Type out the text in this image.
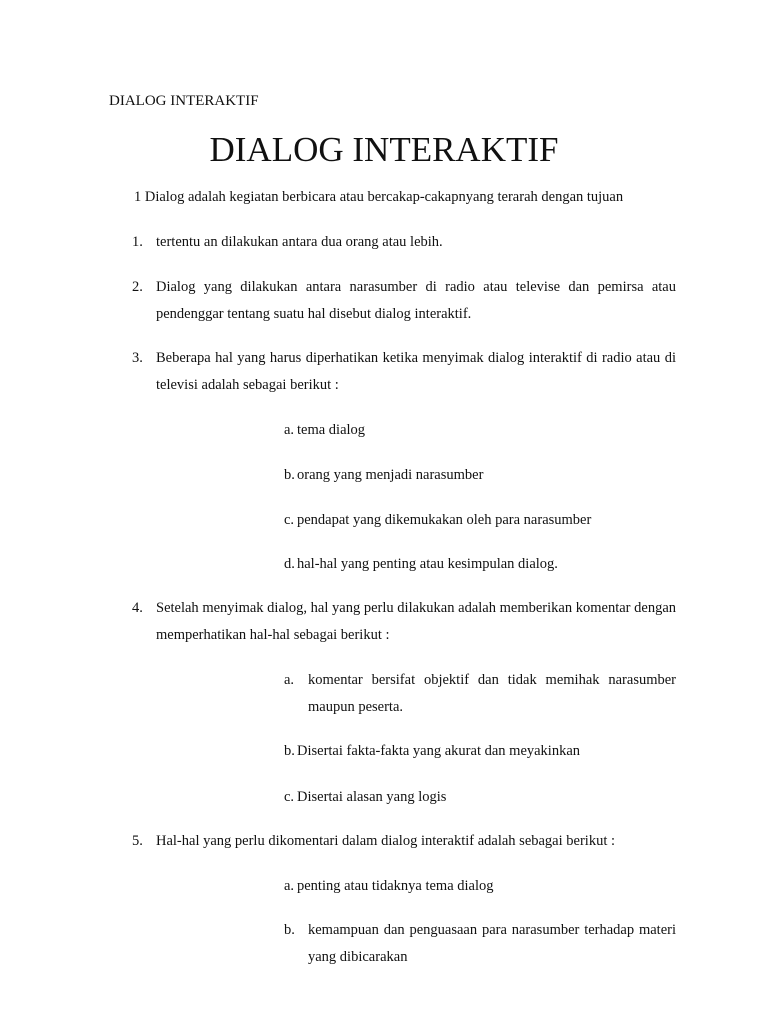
DIALOG INTERAKTIF
DIALOG INTERAKTIF
1 Dialog adalah kegiatan berbicara atau bercakap-cakapnyang terarah dengan tujuan
1. tertentu an dilakukan antara dua orang atau lebih.
2. Dialog yang dilakukan antara narasumber di radio atau televise dan pemirsa atau pendenggar tentang suatu hal disebut dialog interaktif.
3. Beberapa hal yang harus diperhatikan ketika menyimak dialog interaktif di radio atau di televisi adalah sebagai berikut :
a. tema dialog
b. orang yang menjadi narasumber
c. pendapat yang dikemukakan oleh para narasumber
d. hal-hal yang penting atau kesimpulan dialog.
4. Setelah menyimak dialog, hal yang perlu dilakukan adalah memberikan komentar dengan memperhatikan hal-hal sebagai berikut :
a. komentar bersifat objektif dan tidak memihak narasumber maupun peserta.
b. Disertai fakta-fakta yang akurat dan meyakinkan
c. Disertai alasan yang logis
5. Hal-hal yang perlu dikomentari dalam dialog interaktif adalah sebagai berikut :
a. penting atau tidaknya tema dialog
b. kemampuan dan penguasaan para narasumber terhadap materi yang dibicarakan
